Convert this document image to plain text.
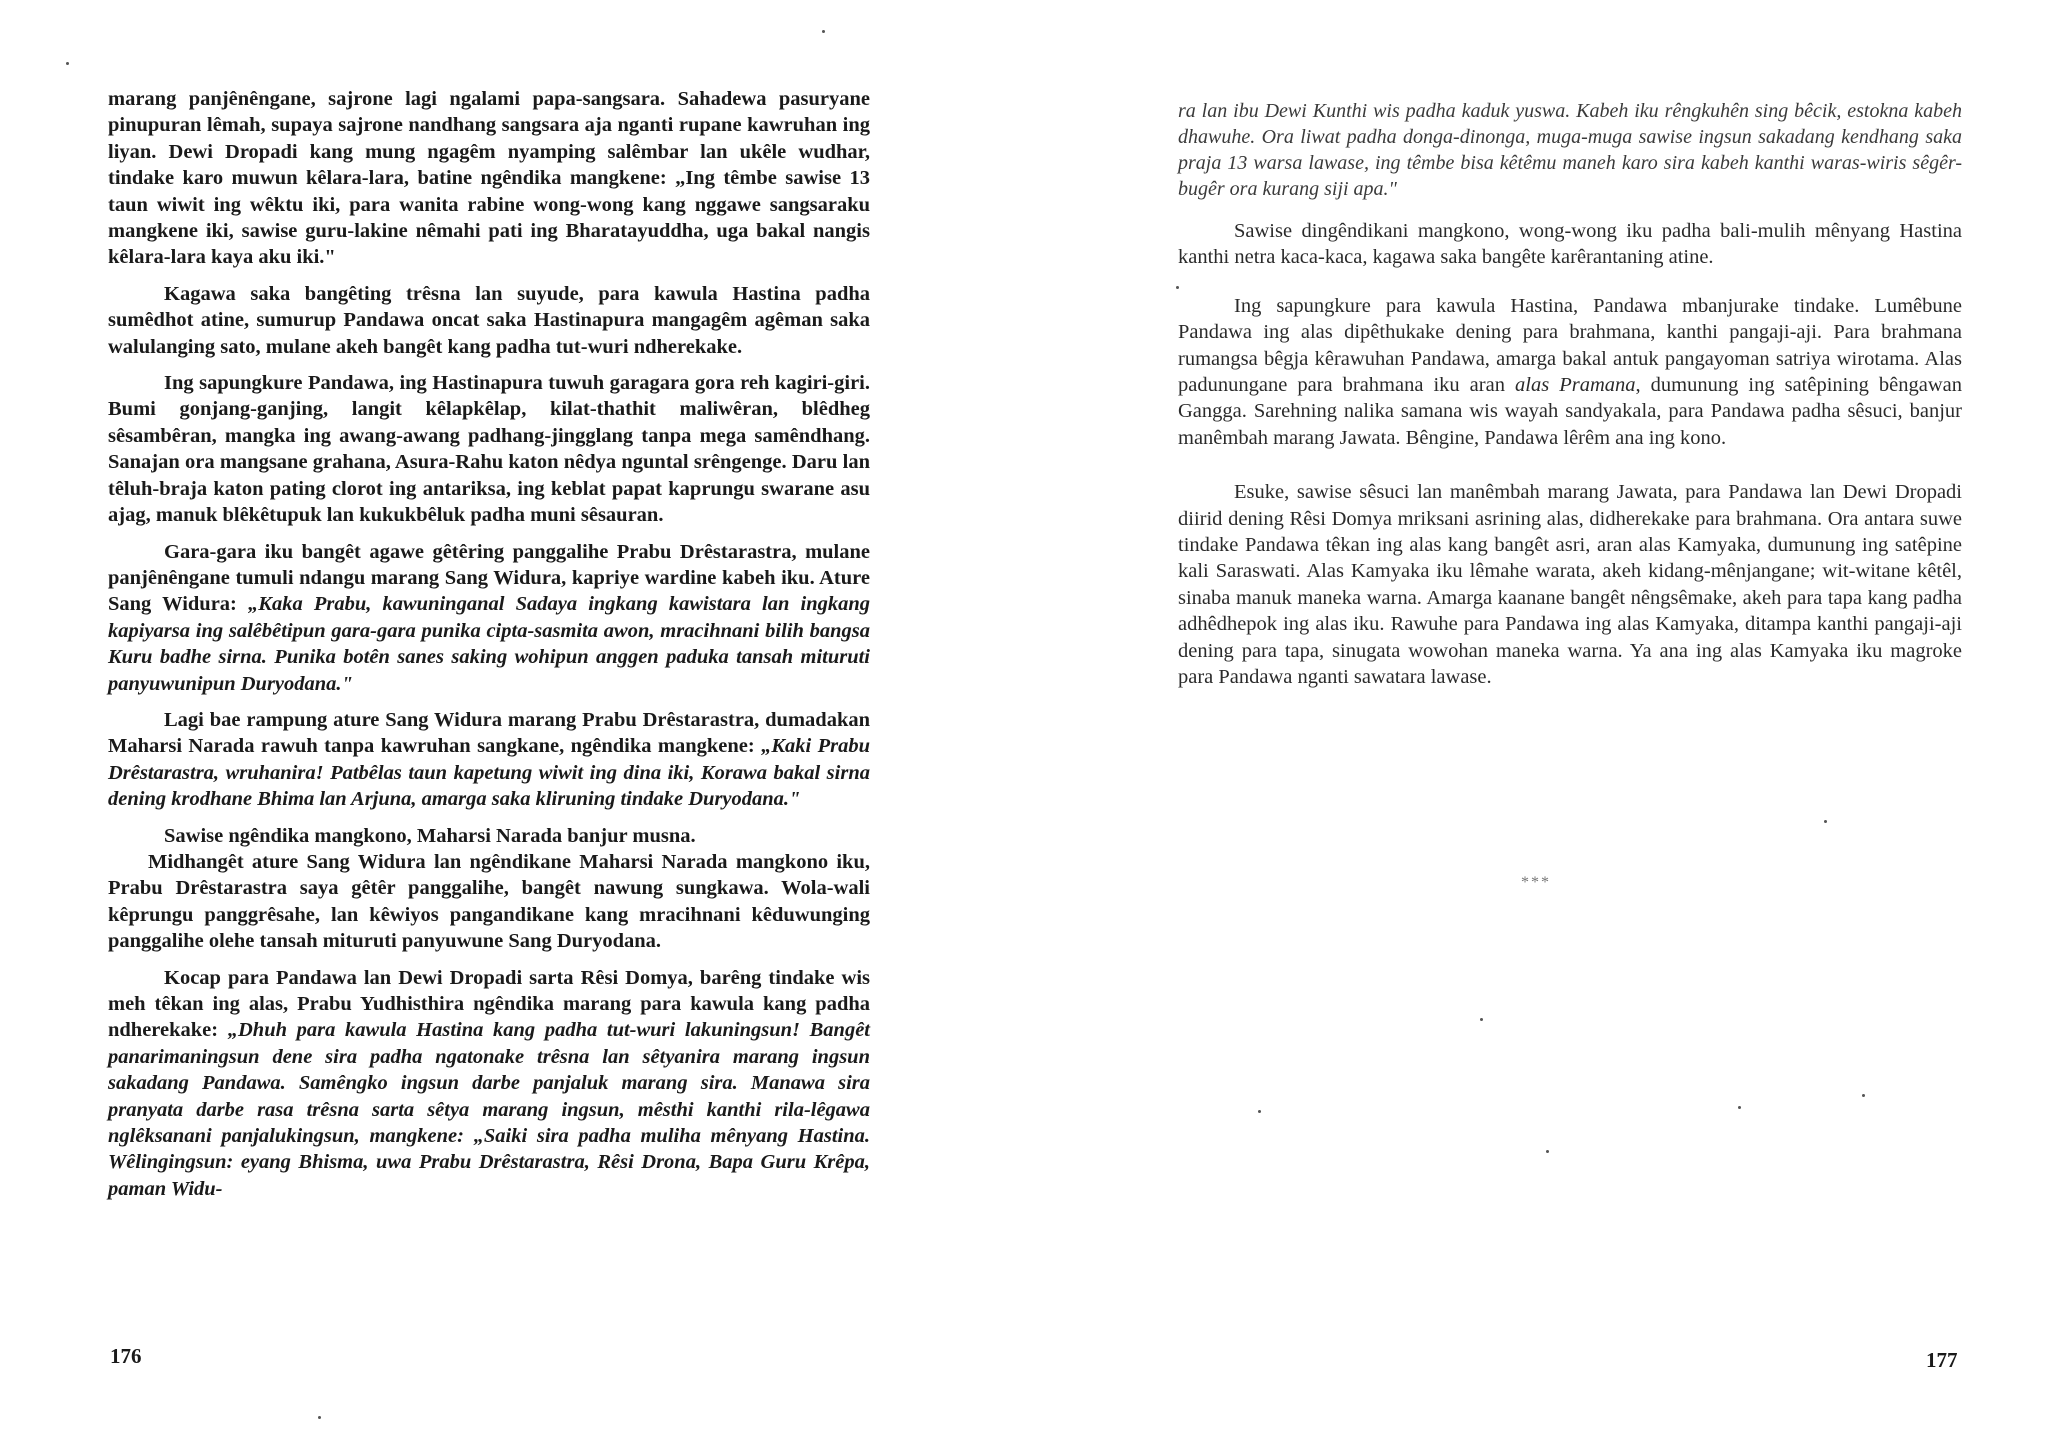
marang panjênêngane, sajrone lagi ngalami papa-sangsara. Sahadewa pasuryane pinupuran lêmah, supaya sajrone nandhang sangsara aja nganti rupane kawruhan ing liyan. Dewi Dropadi kang mung ngagêm nyamping salêmbar lan ukêle wudhar, tindake karo muwun kêlara-lara, batine ngêndika mangkene: „Ing têmbe sawise 13 taun wiwit ing wêktu iki, para wanita rabine wong-wong kang nggawe sangsaraku mangkene iki, sawise guru-lakine nêmahi pati ing Bharatayuddha, uga bakal nangis kêlara-lara kaya aku iki."

Kagawa saka bangêting trêsna lan suyude, para kawula Hastina padha sumêdhot atine, sumurup Pandawa oncat saka Hastinapura mangagêm agêman saka walulanging sato, mulane akeh bangêt kang padha tut-wuri ndherekake.

Ing sapungkure Pandawa, ing Hastinapura tuwuh garagara gora reh kagiri-giri. Bumi gonjang-ganjing, langit kêlapkêlap, kilat-thathit maliwêran, blêdheg sêsambêran, mangka ing awang-awang padhang-jingglang tanpa mega samêndhang. Sanajan ora mangsane grahana, Asura-Rahu katon nêdya nguntal srêngenge. Daru lan têluh-braja katon pating clorot ing antariksa, ing keblat papat kaprungu swarane asu ajag, manuk blêkêtupuk lan kukukbêluk padha muni sêsauran.

Gara-gara iku bangêt agawe gêtêring panggalihe Prabu Drêstarastra, mulane panjênêngane tumuli ndangu marang Sang Widura, kapriye wardine kabeh iku. Ature Sang Widura: „Kaka Prabu, kawuninganal Sadaya ingkang kawistara lan ingkang kapiyarsa ing salêbêtipun gara-gara punika cipta-sasmita awon, mracihnani bilih bangsa Kuru badhe sirna. Punika botên sanes saking wohipun anggen paduka tansah mituruti panyuwunipun Duryodana."

Lagi bae rampung ature Sang Widura marang Prabu Drêstarastra, dumadakan Maharsi Narada rawuh tanpa kawruhan sangkane, ngêndika mangkene: „Kaki Prabu Drêstarastra, wruhanira! Patbêlas taun kapetung wiwit ing dina iki, Korawa bakal sirna dening krodhane Bhima lan Arjuna, amarga saka kliruning tindake Duryodana."

Sawise ngêndika mangkono, Maharsi Narada banjur musna.

Midhangêt ature Sang Widura lan ngêndikane Maharsi Narada mangkono iku, Prabu Drêstarastra saya gêtêr panggalihe, bangêt nawung sungkawa. Wola-wali kêprungu panggrêsahe, lan kêwiyos pangandikane kang mracihnani kêduwunging panggalihe olehe tansah mituruti panyuwune Sang Duryodana.

Kocap para Pandawa lan Dewi Dropadi sarta Rêsi Domya, barêng tindake wis meh têkan ing alas, Prabu Yudhisthira ngêndika marang para kawula kang padha ndherekake: „Dhuh para kawula Hastina kang padha tut-wuri lakuningsun! Bangêt panarimaningsun dene sira padha ngatonake trêsna lan sêtyanira marang ingsun sakadang Pandawa. Samêngko ingsun darbe panjaluk marang sira. Manawa sira pranyata darbe rasa trêsna sarta sêtya marang ingsun, mêsthi kanthi rila-lêgawa nglêksanani panjalukingsun, mangkene: „Saiki sira padha muliha mênyang Hastina. Wêlingingsun: eyang Bhisma, uwa Prabu Drêstarastra, Rêsi Drona, Bapa Guru Krêpa, paman Widu-

176

ra lan ibu Dewi Kunthi wis padha kaduk yuswa. Kabeh iku rêngkuhên sing bêcik, estokna kabeh dhawuhe. Ora liwat padha donga-dinonga, muga-muga sawise ingsun sakadang kendhang saka praja 13 warsa lawase, ing têmbe bisa kêtêmu maneh karo sira kabeh kanthi waras-wiris sêgêr-bugêr ora kurang siji apa."

Sawise dingêndikani mangkono, wong-wong iku padha bali-mulih mênyang Hastina kanthi netra kaca-kaca, kagawa saka bangête karêrantaning atine.

Ing sapungkure para kawula Hastina, Pandawa mbanjurake tindake. Lumêbune Pandawa ing alas dipêthukake dening para brahmana, kanthi pangaji-aji. Para brahmana rumangsa bêgja kêrawuhan Pandawa, amarga bakal antuk pangayoman satriya wirotama. Alas padunungane para brahmana iku aran alas Pramana, dumunung ing satêpining bêngawan Gangga. Sarehning nalika samana wis wayah sandyakala, para Pandawa padha sêsuci, banjur manêmbah marang Jawata. Bêngine, Pandawa lêrêm ana ing kono.

Esuke, sawise sêsuci lan manêmbah marang Jawata, para Pandawa lan Dewi Dropadi diirid dening Rêsi Domya mriksani asrining alas, didherekake para brahmana. Ora antara suwe tindake Pandawa têkan ing alas kang bangêt asri, aran alas Kamyaka, dumunung ing satêpine kali Saraswati. Alas Kamyaka iku lêmahe warata, akeh kidang-mênjangane; wit-witane kêtêl, sinaba manuk maneka warna. Amarga kaanane bangêt nêngsêmake, akeh para tapa kang padha adhêdhepok ing alas iku. Rawuhe para Pandawa ing alas Kamyaka, ditampa kanthi pangaji-aji dening para tapa, sinugata wowohan maneka warna. Ya ana ing alas Kamyaka iku magroke para Pandawa nganti sawatara lawase.

***
177
